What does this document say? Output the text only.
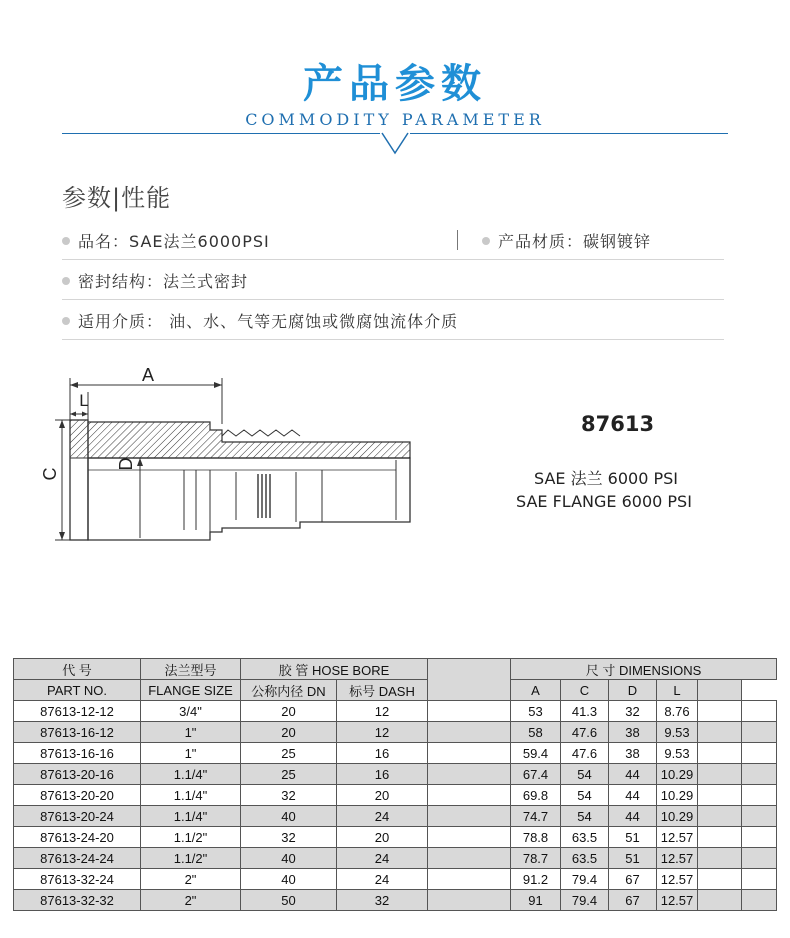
产品参数
COMMODITY PARAMETER
参数|性能
品名：SAE法兰6000PSI	产品材质：碳钢镀锌
密封结构：法兰式密封
适用介质： 油、水、气等无腐蚀或微腐蚀流体介质
A
L
C
D
87613
SAE 法兰 6000 PSI
SAE FLANGE 6000 PSI
代 号	法兰型号	胶 管 HOSE BORE			尺 寸 DIMENSIONS					
PART NO.	FLANGE SIZE	公称内径 DN	标号 DASH		A	C	D	L		
87613-12-12	3/4"	20	12		53	41.3	32	8.76		
87613-16-12	1"	20	12		58	47.6	38	9.53		
87613-16-16	1"	25	16		59.4	47.6	38	9.53		
87613-20-16	1.1/4"	25	16		67.4	54	44	10.29		
87613-20-20	1.1/4"	32	20		69.8	54	44	10.29		
87613-20-24	1.1/4"	40	24		74.7	54	44	10.29		
87613-24-20	1.1/2"	32	20		78.8	63.5	51	12.57		
87613-24-24	1.1/2"	40	24		78.7	63.5	51	12.57		
87613-32-24	2"	40	24		91.2	79.4	67	12.57		
87613-32-32	2"	50	32		91	79.4	67	12.57		
